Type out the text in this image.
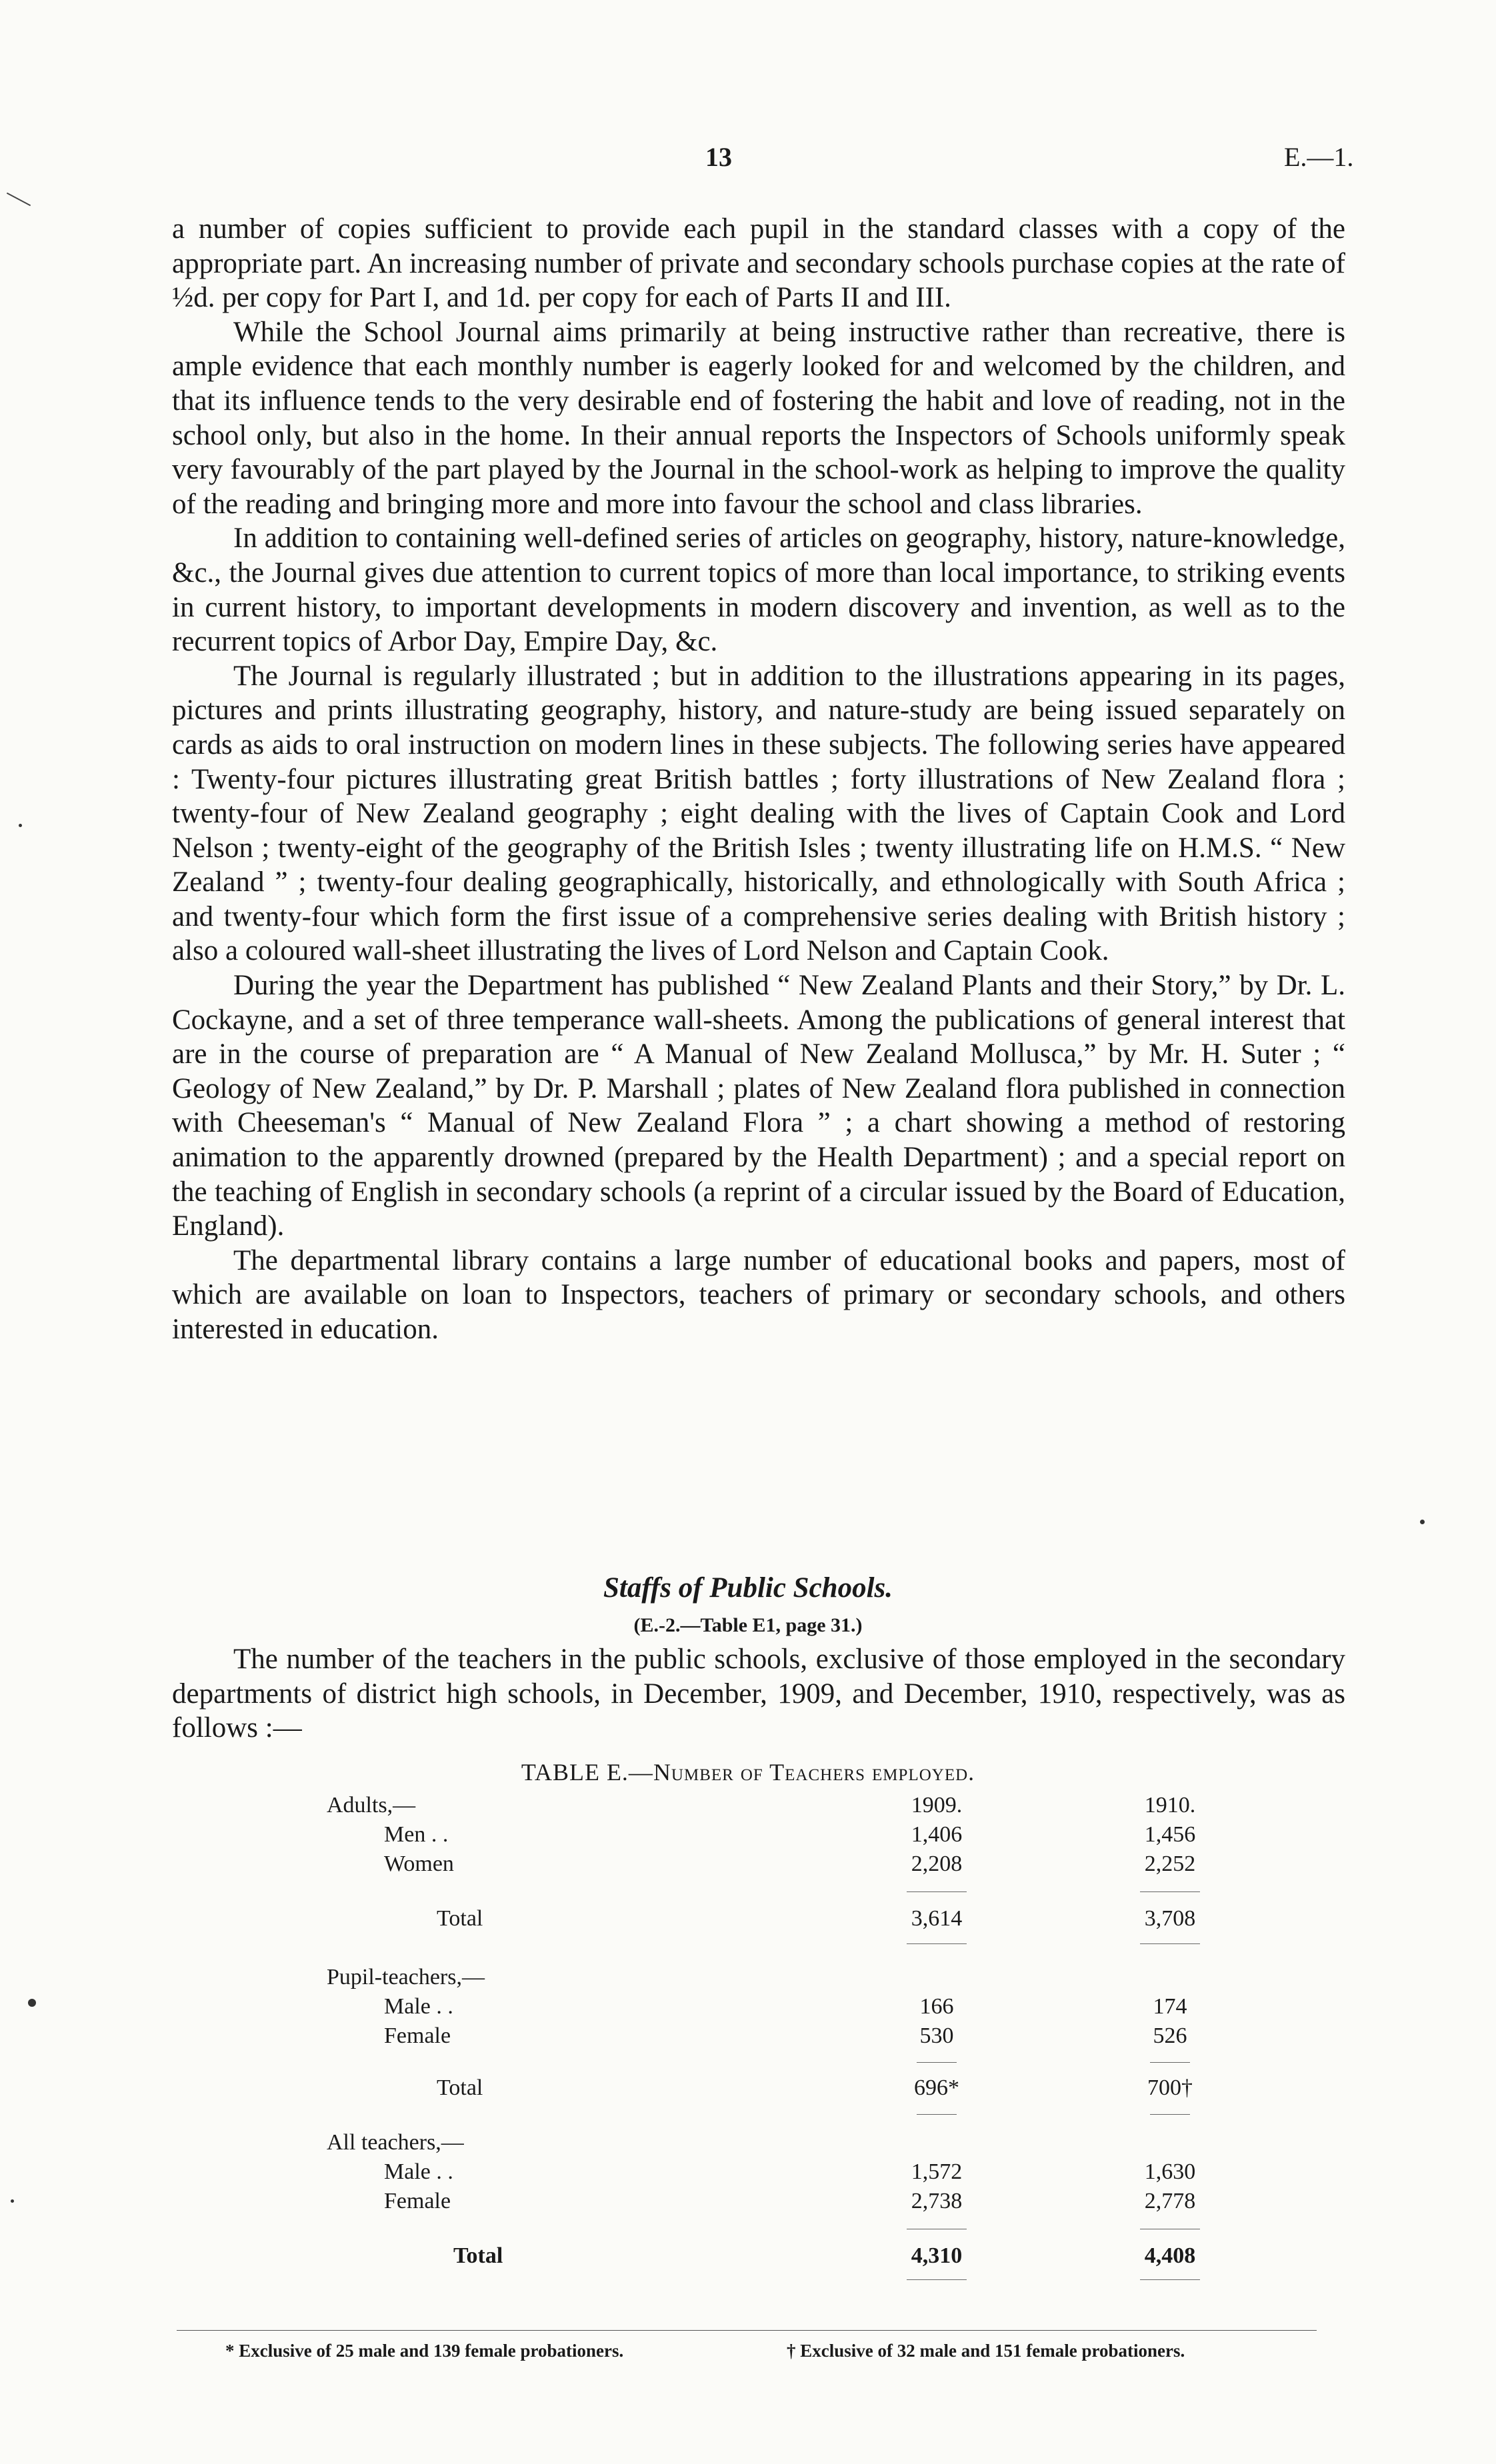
13	E.—1.

a number of copies sufficient to provide each pupil in the standard classes with a copy of the appropriate part. An increasing number of private and secondary schools purchase copies at the rate of ½d. per copy for Part I, and 1d. per copy for each of Parts II and III.

While the School Journal aims primarily at being instructive rather than recreative, there is ample evidence that each monthly number is eagerly looked for and welcomed by the children, and that its influence tends to the very desirable end of fostering the habit and love of reading, not in the school only, but also in the home. In their annual reports the Inspectors of Schools uniformly speak very favourably of the part played by the Journal in the school-work as helping to improve the quality of the reading and bringing more and more into favour the school and class libraries.

In addition to containing well-defined series of articles on geography, history, nature-knowledge, &c., the Journal gives due attention to current topics of more than local importance, to striking events in current history, to important developments in modern discovery and invention, as well as to the recurrent topics of Arbor Day, Empire Day, &c.

The Journal is regularly illustrated ; but in addition to the illustrations appearing in its pages, pictures and prints illustrating geography, history, and nature-study are being issued separately on cards as aids to oral instruction on modern lines in these subjects. The following series have appeared : Twenty-four pictures illustrating great British battles ; forty illustrations of New Zealand flora ; twenty-four of New Zealand geography ; eight dealing with the lives of Captain Cook and Lord Nelson ; twenty-eight of the geography of the British Isles ; twenty illustrating life on H.M.S. “ New Zealand ” ; twenty-four dealing geographically, historically, and ethnologically with South Africa ; and twenty-four which form the first issue of a comprehensive series dealing with British history ; also a coloured wall-sheet illustrating the lives of Lord Nelson and Captain Cook.

During the year the Department has published “ New Zealand Plants and their Story,” by Dr. L. Cockayne, and a set of three temperance wall-sheets. Among the publications of general interest that are in the course of preparation are “ A Manual of New Zealand Mollusca,” by Mr. H. Suter ; “ Geology of New Zealand,” by Dr. P. Marshall ; plates of New Zealand flora published in connection with Cheeseman's “ Manual of New Zealand Flora ” ; a chart showing a method of restoring animation to the apparently drowned (prepared by the Health Department) ; and a special report on the teaching of English in secondary schools (a reprint of a circular issued by the Board of Education, England).

The departmental library contains a large number of educational books and papers, most of which are available on loan to Inspectors, teachers of primary or secondary schools, and others interested in education.

Staffs of Public Schools.
(E.-2.—Table E1, page 31.)

The number of the teachers in the public schools, exclusive of those employed in the secondary departments of district high schools, in December, 1909, and December, 1910, respectively, was as follows :—

TABLE E.—Number of Teachers employed.
Adults,—	1909.	1910.
Men . .	1,406	1,456
Women	2,208	2,252
Total	3,614	3,708
Pupil-teachers,—
Male . .	166	174
Female	530	526
Total	696*	700†
All teachers,—
Male . .	1,572	1,630
Female	2,738	2,778
Total	4,310	4,408
* Exclusive of 25 male and 139 female probationers.	† Exclusive of 32 male and 151 female probationers.
